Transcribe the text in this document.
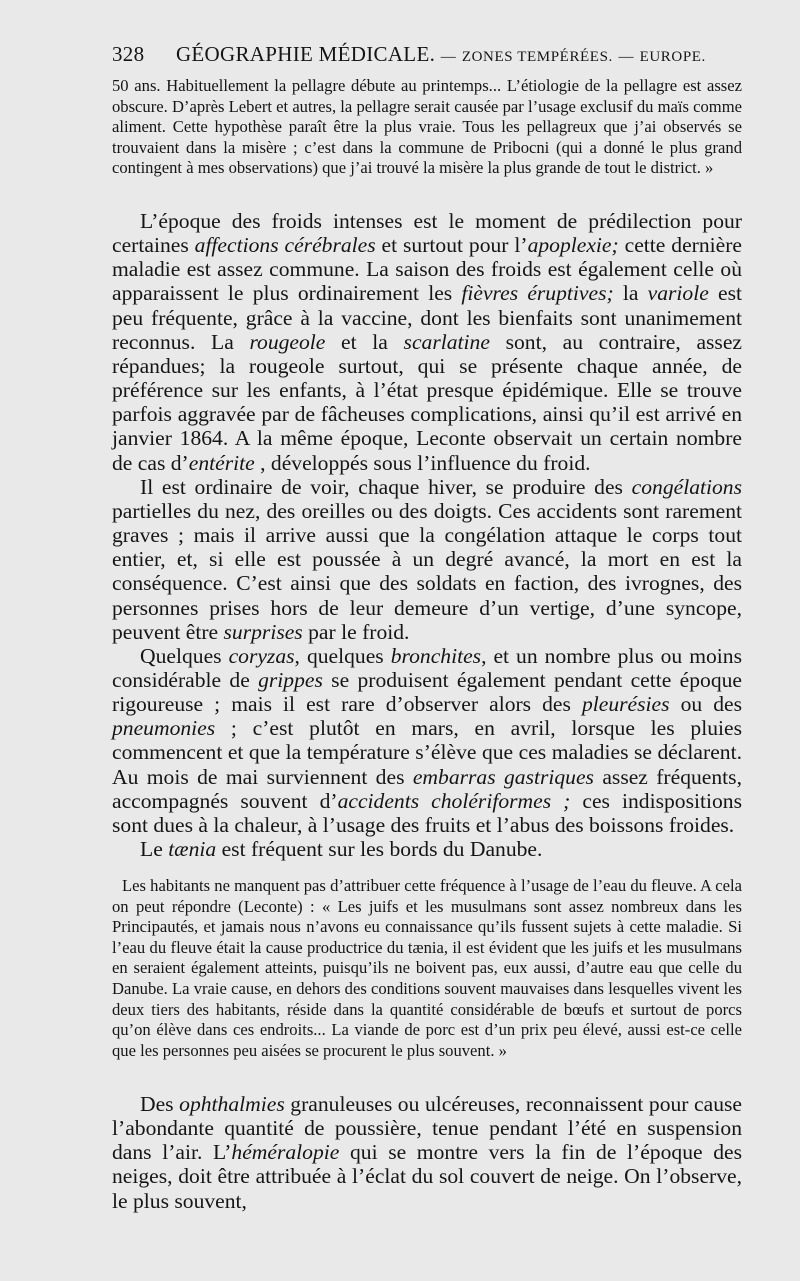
328 GÉOGRAPHIE MÉDICALE. — ZONES TEMPÉRÉES. — EUROPE.

50 ans. Habituellement la pellagre débute au printemps... L’étiologie de la pellagre est assez obscure. D’après Lebert et autres, la pellagre serait causée par l’usage exclusif du maïs comme aliment. Cette hypothèse paraît être la plus vraie. Tous les pellagreux que j’ai observés se trouvaient dans la misère ; c’est dans la commune de Pribocni (qui a donné le plus grand contingent à mes observations) que j’ai trouvé la misère la plus grande de tout le district. »

L’époque des froids intenses est le moment de prédilection pour certaines affections cérébrales et surtout pour l’apoplexie; cette dernière maladie est assez commune. La saison des froids est également celle où apparaissent le plus ordinairement les fièvres éruptives; la variole est peu fréquente, grâce à la vaccine, dont les bienfaits sont unanimement reconnus. La rougeole et la scarlatine sont, au contraire, assez répandues; la rougeole surtout, qui se présente chaque année, de préférence sur les enfants, à l’état presque épidémique. Elle se trouve parfois aggravée par de fâcheuses complications, ainsi qu’il est arrivé en janvier 1864. A la même époque, Leconte observait un certain nombre de cas d’entérite , développés sous l’influence du froid.

Il est ordinaire de voir, chaque hiver, se produire des congélations partielles du nez, des oreilles ou des doigts. Ces accidents sont rarement graves ; mais il arrive aussi que la congélation attaque le corps tout entier, et, si elle est poussée à un degré avancé, la mort en est la conséquence. C’est ainsi que des soldats en faction, des ivrognes, des personnes prises hors de leur demeure d’un vertige, d’une syncope, peuvent être surprises par le froid.

Quelques coryzas, quelques bronchites, et un nombre plus ou moins considérable de grippes se produisent également pendant cette époque rigoureuse ; mais il est rare d’observer alors des pleurésies ou des pneumonies ; c’est plutôt en mars, en avril, lorsque les pluies commencent et que la température s’élève que ces maladies se déclarent. Au mois de mai surviennent des embarras gastriques assez fréquents, accompagnés souvent d’accidents cholériformes ; ces indispositions sont dues à la chaleur, à l’usage des fruits et l’abus des boissons froides.

Le tænia est fréquent sur les bords du Danube.

Les habitants ne manquent pas d’attribuer cette fréquence à l’usage de l’eau du fleuve. A cela on peut répondre (Leconte) : « Les juifs et les musulmans sont assez nombreux dans les Principautés, et jamais nous n’avons eu connaissance qu’ils fussent sujets à cette maladie. Si l’eau du fleuve était la cause productrice du tænia, il est évident que les juifs et les musulmans en seraient également atteints, puisqu’ils ne boivent pas, eux aussi, d’autre eau que celle du Danube. La vraie cause, en dehors des conditions souvent mauvaises dans lesquelles vivent les deux tiers des habitants, réside dans la quantité considérable de bœufs et surtout de porcs qu’on élève dans ces endroits... La viande de porc est d’un prix peu élevé, aussi est-ce celle que les personnes peu aisées se procurent le plus souvent. »

Des ophthalmies granuleuses ou ulcéreuses, reconnaissent pour cause l’abondante quantité de poussière, tenue pendant l’été en suspension dans l’air. L’héméralopie qui se montre vers la fin de l’époque des neiges, doit être attribuée à l’éclat du sol couvert de neige. On l’observe, le plus souvent,
